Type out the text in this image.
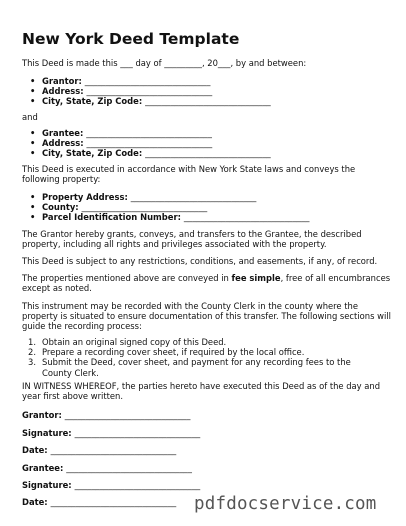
New York Deed Template

This Deed is made this ___ day of _________, 20___, by and between:

• Grantor: ______________________________
• Address: ______________________________
• City, State, Zip Code: ______________________________

and

• Grantee: ______________________________
• Address: ______________________________
• City, State, Zip Code: ______________________________

This Deed is executed in accordance with New York State laws and conveys the following property:

• Property Address: ______________________________
• County: ______________________________
• Parcel Identification Number: ______________________________

The Grantor hereby grants, conveys, and transfers to the Grantee, the described property, including all rights and privileges associated with the property.

This Deed is subject to any restrictions, conditions, and easements, if any, of record.

The properties mentioned above are conveyed in fee simple, free of all encumbrances except as noted.

This instrument may be recorded with the County Clerk in the county where the property is situated to ensure documentation of this transfer. The following sections will guide the recording process:

1. Obtain an original signed copy of this Deed.
2. Prepare a recording cover sheet, if required by the local office.
3. Submit the Deed, cover sheet, and payment for any recording fees to the County Clerk.

IN WITNESS WHEREOF, the parties hereto have executed this Deed as of the day and year first above written.

Grantor: ______________________________
Signature: ______________________________
Date: ______________________________
Grantee: ______________________________
Signature: ______________________________
Date: ______________________________ pdfdocservice.com
